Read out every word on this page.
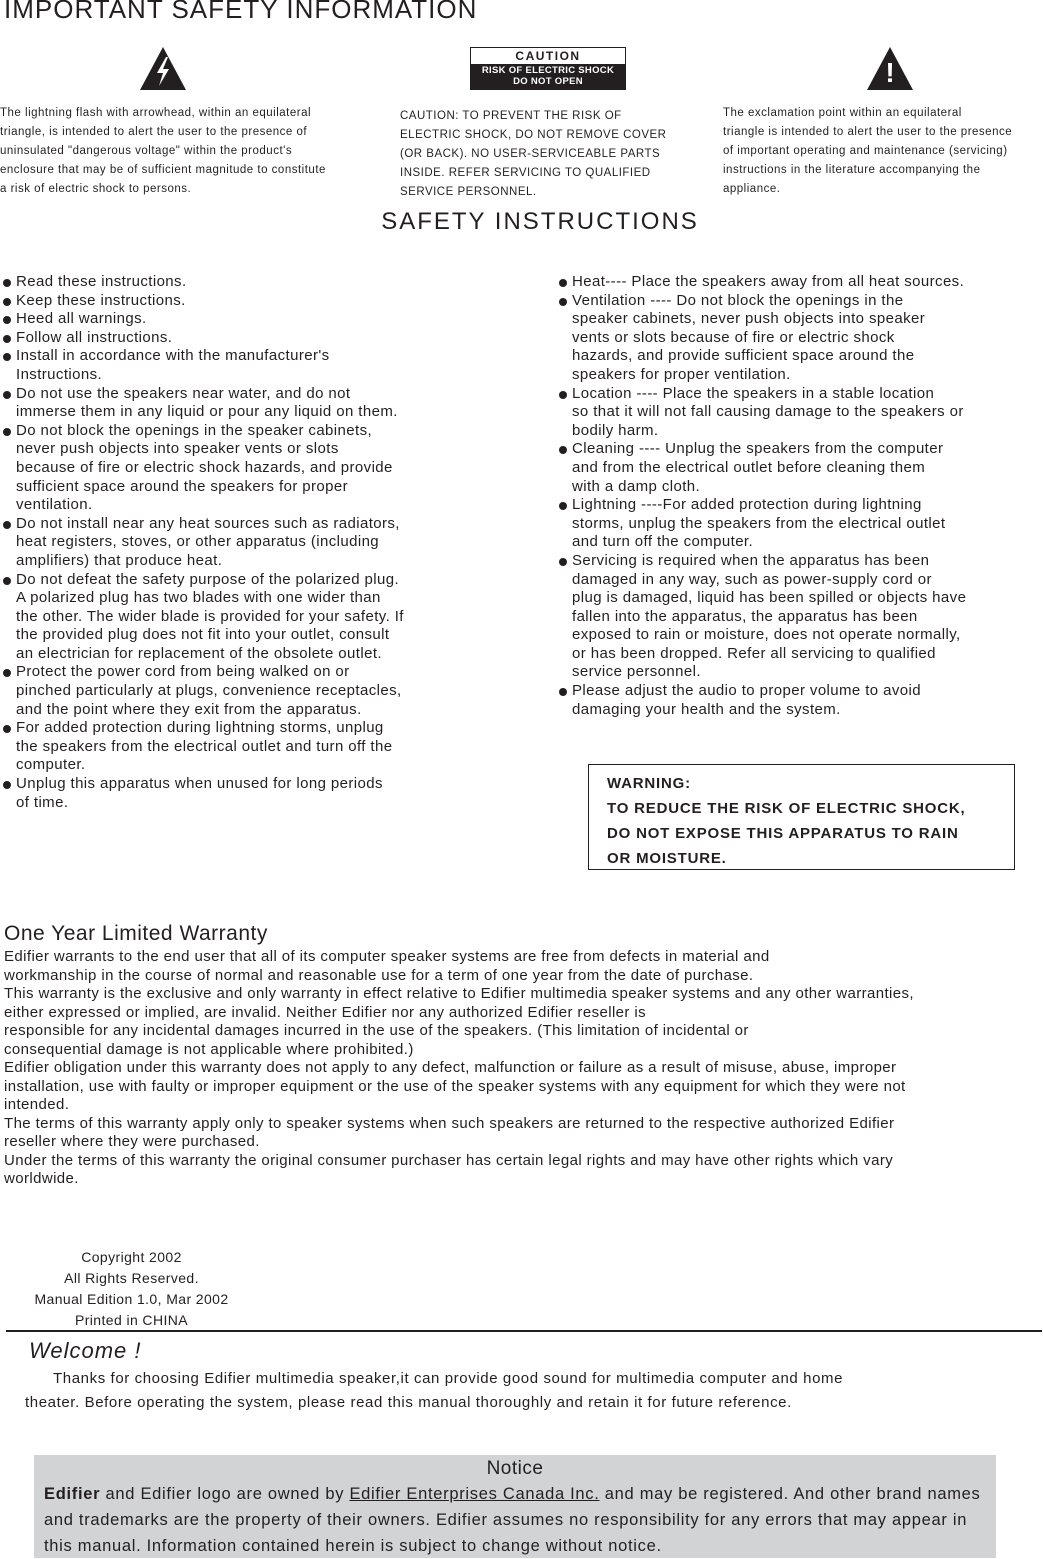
IMPORTANT SAFETY INFORMATION
The lightning flash with arrowhead, within an equilateral
triangle, is intended to alert the user to the presence of
uninsulated "dangerous voltage" within the product's
enclosure that may be of sufficient magnitude to constitute
a risk of electric shock to persons.
CAUTION
RISK OF ELECTRIC SHOCK
DO NOT OPEN
CAUTION: TO PREVENT THE RISK OF
ELECTRIC SHOCK, DO NOT REMOVE COVER
(OR BACK). NO USER-SERVICEABLE PARTS
INSIDE. REFER SERVICING TO QUALIFIED
SERVICE PERSONNEL.
!
The exclamation point within an equilateral
triangle is intended to alert the user to the presence
of important operating and maintenance (servicing)
instructions in the literature accompanying the
appliance.
SAFETY INSTRUCTIONS
Read these instructions.
Keep these instructions.
Heed all warnings.
Follow all instructions.
Install in accordance with the manufacturer's
Instructions.
Do not use the speakers near water, and do not
immerse them in any liquid or pour any liquid on them.
Do not block the openings in the speaker cabinets,
never push objects into speaker vents or slots
because of fire or electric shock hazards, and provide
sufficient space around the speakers for proper
ventilation.
Do not install near any heat sources such as radiators,
heat registers, stoves, or other apparatus (including
amplifiers) that produce heat.
Do not defeat the safety purpose of the polarized plug.
A polarized plug has two blades with one wider than
the other. The wider blade is provided for your safety. If
the provided plug does not fit into your outlet, consult
an electrician for replacement of the obsolete outlet.
Protect the power cord from being walked on or
pinched particularly at plugs, convenience receptacles,
and the point where they exit from the apparatus.
For added protection during lightning storms, unplug
the speakers from the electrical outlet and turn off the
computer.
Unplug this apparatus when unused for long periods
of time.
Heat---- Place the speakers away from all heat sources.
Ventilation ---- Do not block the openings in the
speaker cabinets, never push objects into speaker
vents or slots because of fire or electric shock
hazards, and provide sufficient space around the
speakers for proper ventilation.
Location ---- Place the speakers in a stable location
so that it will not fall causing damage to the speakers or
bodily harm.
Cleaning ---- Unplug the speakers from the computer
and from the electrical outlet before cleaning them
with a damp cloth.
Lightning ----For added protection during lightning
storms, unplug the speakers from the electrical outlet
and turn off the computer.
Servicing is required when the apparatus has been
damaged in any way, such as power-supply cord or
plug is damaged, liquid has been spilled or objects have
fallen into the apparatus, the apparatus has been
exposed to rain or moisture, does not operate normally,
or has been dropped. Refer all servicing to qualified
service personnel.
Please adjust the audio to proper volume to avoid
damaging your health and the system.
WARNING:
TO REDUCE THE RISK OF ELECTRIC SHOCK,
DO NOT EXPOSE THIS APPARATUS TO RAIN
OR MOISTURE.
One Year Limited Warranty

Edifier warrants to the end user that all of its computer speaker systems are free from defects in material and
workmanship in the course of normal and reasonable use for a term of one year from the date of purchase.

This warranty is the exclusive and only warranty in effect relative to Edifier multimedia speaker systems and any other warranties,
either expressed or implied, are invalid. Neither Edifier nor any authorized Edifier reseller is
responsible for any incidental damages incurred in the use of the speakers. (This limitation of incidental or
consequential damage is not applicable where prohibited.)

Edifier obligation under this warranty does not apply to any defect, malfunction or failure as a result of misuse, abuse, improper
installation, use with faulty or improper equipment or the use of the speaker systems with any equipment for which they were not
intended.

The terms of this warranty apply only to speaker systems when such speakers are returned to the respective authorized Edifier
reseller where they were purchased.

Under the terms of this warranty the original consumer purchaser has certain legal rights and may have other rights which vary
worldwide.

Copyright 2002
All Rights Reserved.
Manual Edition 1.0, Mar 2002
Printed in CHINA
Welcome !
Thanks for choosing Edifier multimedia speaker,it can provide good sound for multimedia computer and home
theater. Before operating the system, please read this manual thoroughly and retain it for future reference.
Notice
Edifier and Edifier logo are owned by Edifier Enterprises Canada Inc. and may be registered. And other brand names and trademarks are the property of their owners. Edifier assumes no responsibility for any errors that may appear in this manual. Information contained herein is subject to change without notice.
